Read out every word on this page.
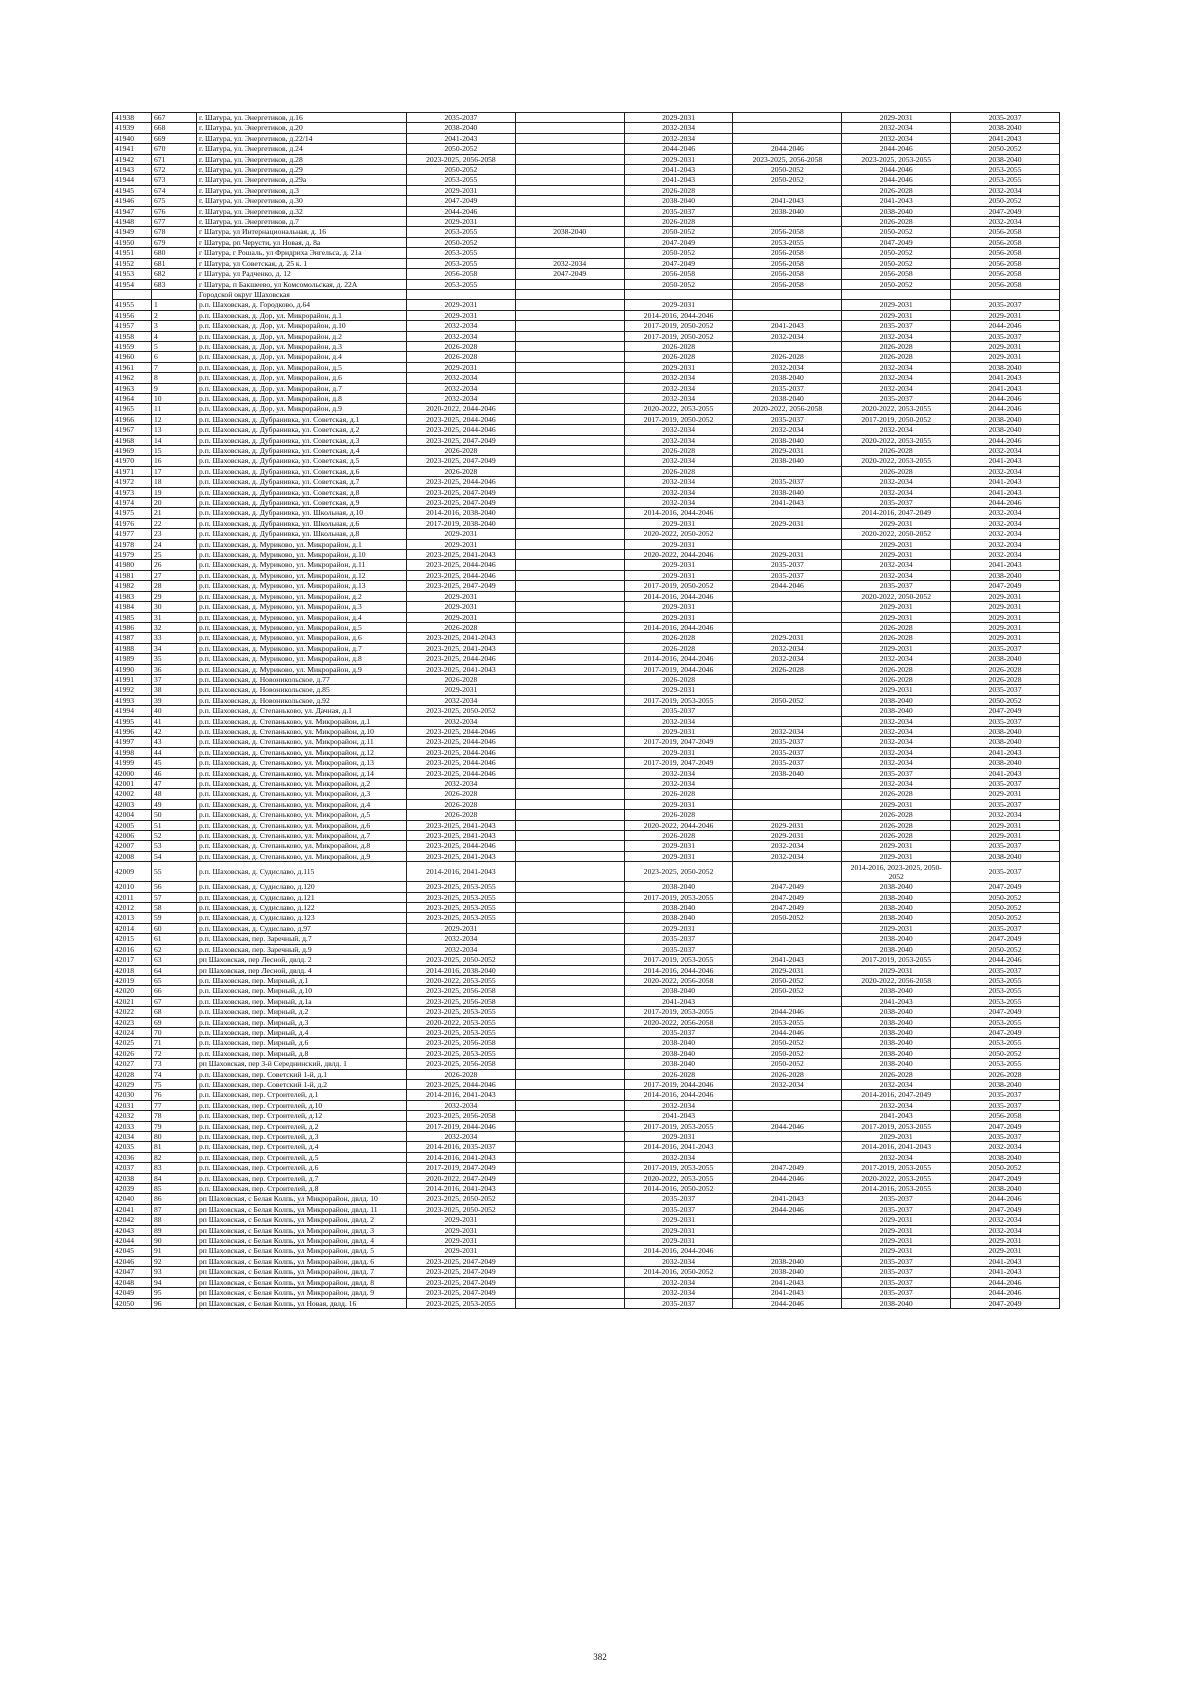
41938	667	г. Шатура, ул. Энергетиков, д.16	2035-2037		2029-2031		2029-2031	2035-2037
41939	668	г. Шатура, ул. Энергетиков, д.20	2038-2040		2032-2034		2032-2034	2038-2040
41940	669	г. Шатура, ул. Энергетиков, д.22/14	2041-2043		2032-2034		2032-2034	2041-2043
41941	670	г. Шатура, ул. Энергетиков, д.24	2050-2052		2044-2046	2044-2046	2044-2046	2050-2052
41942	671	г. Шатура, ул. Энергетиков, д.28	2023-2025, 2056-2058		2029-2031	2023-2025, 2056-2058	2023-2025, 2053-2055	2038-2040
41943	672	г. Шатура, ул. Энергетиков, д.29	2050-2052		2041-2043	2050-2052	2044-2046	2053-2055
41944	673	г. Шатура, ул. Энергетиков, д.29а	2053-2055		2041-2043	2050-2052	2044-2046	2053-2055
41945	674	г. Шатура, ул. Энергетиков, д.3	2029-2031		2026-2028		2026-2028	2032-2034
41946	675	г. Шатура, ул. Энергетиков, д.30	2047-2049		2038-2040	2041-2043	2041-2043	2050-2052
41947	676	г. Шатура, ул. Энергетиков, д.32	2044-2046		2035-2037	2038-2040	2038-2040	2047-2049
41948	677	г. Шатура, ул. Энергетиков, д.7	2029-2031		2026-2028		2026-2028	2032-2034
41949	678	г Шатура, ул Интернациональная, д. 16	2053-2055	2038-2040	2050-2052	2056-2058	2050-2052	2056-2058
41950	679	г Шатура, рп Черусти, ул Новая, д. 8а	2050-2052		2047-2049	2053-2055	2047-2049	2056-2058
41951	680	г Шатура, г Рошаль, ул Фридриха Энгельса, д. 21а	2053-2055		2050-2052	2056-2058	2050-2052	2056-2058
41952	681	г Шатура, ул Советская, д. 25 к. 1	2053-2055	2032-2034	2047-2049	2056-2058	2050-2052	2056-2058
41953	682	г Шатура, ул Радченко, д. 12	2056-2058	2047-2049	2056-2058	2056-2058	2056-2058	2056-2058
41954	683	г Шатура, п Бакшеево, ул Комсомольская, д. 22А	2053-2055		2050-2052	2056-2058	2050-2052	2056-2058
		Городской округ Шаховская						
41955	1	р.п. Шаховская, д. Городково, д.64	2029-2031		2029-2031		2029-2031	2035-2037
41956	2	р.п. Шаховская, д. Дор, ул. Микрорайон, д.1	2029-2031		2014-2016, 2044-2046		2029-2031	2029-2031
41957	3	р.п. Шаховская, д. Дор, ул. Микрорайон, д.10	2032-2034		2017-2019, 2050-2052	2041-2043	2035-2037	2044-2046
41958	4	р.п. Шаховская, д. Дор, ул. Микрорайон, д.2	2032-2034		2017-2019, 2050-2052	2032-2034	2032-2034	2035-2037
41959	5	р.п. Шаховская, д. Дор, ул. Микрорайон, д.3	2026-2028		2026-2028		2026-2028	2029-2031
41960	6	р.п. Шаховская, д. Дор, ул. Микрорайон, д.4	2026-2028		2026-2028	2026-2028	2026-2028	2029-2031
41961	7	р.п. Шаховская, д. Дор, ул. Микрорайон, д.5	2029-2031		2029-2031	2032-2034	2032-2034	2038-2040
41962	8	р.п. Шаховская, д. Дор, ул. Микрорайон, д.6	2032-2034		2032-2034	2038-2040	2032-2034	2041-2043
41963	9	р.п. Шаховская, д. Дор, ул. Микрорайон, д.7	2032-2034		2032-2034	2035-2037	2032-2034	2041-2043
41964	10	р.п. Шаховская, д. Дор, ул. Микрорайон, д.8	2032-2034		2032-2034	2038-2040	2035-2037	2044-2046
41965	11	р.п. Шаховская, д. Дор, ул. Микрорайон, д.9	2020-2022, 2044-2046		2020-2022, 2053-2055	2020-2022, 2056-2058	2020-2022, 2053-2055	2044-2046
41966	12	р.п. Шаховская, д. Дубранивка, ул. Советская, д.1	2023-2025, 2044-2046		2017-2019, 2050-2052	2035-2037	2017-2019, 2050-2052	2038-2040
41967	13	р.п. Шаховская, д. Дубранивка, ул. Советская, д.2	2023-2025, 2044-2046		2032-2034	2032-2034	2032-2034	2038-2040
41968	14	р.п. Шаховская, д. Дубранивка, ул. Советская, д.3	2023-2025, 2047-2049		2032-2034	2038-2040	2020-2022, 2053-2055	2044-2046
41969	15	р.п. Шаховская, д. Дубранивка, ул. Советская, д.4	2026-2028		2026-2028	2029-2031	2026-2028	2032-2034
41970	16	р.п. Шаховская, д. Дубранивка, ул. Советская, д.5	2023-2025, 2047-2049		2032-2034	2038-2040	2020-2022, 2053-2055	2041-2043
41971	17	р.п. Шаховская, д. Дубранивка, ул. Советская, д.6	2026-2028		2026-2028		2026-2028	2032-2034
41972	18	р.п. Шаховская, д. Дубранивка, ул. Советская, д.7	2023-2025, 2044-2046		2032-2034	2035-2037	2032-2034	2041-2043
41973	19	р.п. Шаховская, д. Дубранивка, ул. Советская, д.8	2023-2025, 2047-2049		2032-2034	2038-2040	2032-2034	2041-2043
41974	20	р.п. Шаховская, д. Дубранивка, ул. Советская, д.9	2023-2025, 2047-2049		2032-2034	2041-2043	2035-2037	2044-2046
41975	21	р.п. Шаховская, д. Дубранивка, ул. Школьная, д.10	2014-2016, 2038-2040		2014-2016, 2044-2046		2014-2016, 2047-2049	2032-2034
41976	22	р.п. Шаховская, д. Дубранивка, ул. Школьная, д.6	2017-2019, 2038-2040		2029-2031	2029-2031	2029-2031	2032-2034
41977	23	р.п. Шаховская, д. Дубранивка, ул. Школьная, д.8	2029-2031		2020-2022, 2050-2052		2020-2022, 2050-2052	2032-2034
41978	24	р.п. Шаховская, д. Муриково, ул. Микрорайон, д.1	2029-2031		2029-2031		2029-2031	2032-2034
41979	25	р.п. Шаховская, д. Муриково, ул. Микрорайон, д.10	2023-2025, 2041-2043		2020-2022, 2044-2046	2029-2031	2029-2031	2032-2034
41980	26	р.п. Шаховская, д. Муриково, ул. Микрорайон, д.11	2023-2025, 2044-2046		2029-2031	2035-2037	2032-2034	2041-2043
41981	27	р.п. Шаховская, д. Муриково, ул. Микрорайон, д.12	2023-2025, 2044-2046		2029-2031	2035-2037	2032-2034	2038-2040
41982	28	р.п. Шаховская, д. Муриково, ул. Микрорайон, д.13	2023-2025, 2047-2049		2017-2019, 2050-2052	2044-2046	2035-2037	2047-2049
41983	29	р.п. Шаховская, д. Муриково, ул. Микрорайон, д.2	2029-2031		2014-2016, 2044-2046		2020-2022, 2050-2052	2029-2031
41984	30	р.п. Шаховская, д. Муриково, ул. Микрорайон, д.3	2029-2031		2029-2031		2029-2031	2029-2031
41985	31	р.п. Шаховская, д. Муриково, ул. Микрорайон, д.4	2029-2031		2029-2031		2029-2031	2029-2031
41986	32	р.п. Шаховская, д. Муриково, ул. Микрорайон, д.5	2026-2028		2014-2016, 2044-2046		2026-2028	2029-2031
41987	33	р.п. Шаховская, д. Муриково, ул. Микрорайон, д.6	2023-2025, 2041-2043		2026-2028	2029-2031	2026-2028	2029-2031
41988	34	р.п. Шаховская, д. Муриково, ул. Микрорайон, д.7	2023-2025, 2041-2043		2026-2028	2032-2034	2029-2031	2035-2037
41989	35	р.п. Шаховская, д. Муриково, ул. Микрорайон, д.8	2023-2025, 2044-2046		2014-2016, 2044-2046	2032-2034	2032-2034	2038-2040
41990	36	р.п. Шаховская, д. Муриково, ул. Микрорайон, д.9	2023-2025, 2041-2043		2017-2019, 2044-2046	2026-2028	2026-2028	2026-2028
41991	37	р.п. Шаховская, д. Новоникольское, д.77	2026-2028		2026-2028		2026-2028	2026-2028
41992	38	р.п. Шаховская, д. Новоникольское, д.85	2029-2031		2029-2031		2029-2031	2035-2037
41993	39	р.п. Шаховская, д. Новоникольское, д.92	2032-2034		2017-2019, 2053-2055	2050-2052	2038-2040	2050-2052
41994	40	р.п. Шаховская, д. Степаньково, ул. Дачная, д.1	2023-2025, 2050-2052		2035-2037		2038-2040	2047-2049
41995	41	р.п. Шаховская, д. Степаньково, ул. Микрорайон, д.1	2032-2034		2032-2034		2032-2034	2035-2037
41996	42	р.п. Шаховская, д. Степаньково, ул. Микрорайон, д.10	2023-2025, 2044-2046		2029-2031	2032-2034	2032-2034	2038-2040
41997	43	р.п. Шаховская, д. Степаньково, ул. Микрорайон, д.11	2023-2025, 2044-2046		2017-2019, 2047-2049	2035-2037	2032-2034	2038-2040
41998	44	р.п. Шаховская, д. Степаньково, ул. Микрорайон, д.12	2023-2025, 2044-2046		2029-2031	2035-2037	2032-2034	2041-2043
41999	45	р.п. Шаховская, д. Степаньково, ул. Микрорайон, д.13	2023-2025, 2044-2046		2017-2019, 2047-2049	2035-2037	2032-2034	2038-2040
42000	46	р.п. Шаховская, д. Степаньково, ул. Микрорайон, д.14	2023-2025, 2044-2046		2032-2034	2038-2040	2035-2037	2041-2043
42001	47	р.п. Шаховская, д. Степаньково, ул. Микрорайон, д.2	2032-2034		2032-2034		2032-2034	2035-2037
42002	48	р.п. Шаховская, д. Степаньково, ул. Микрорайон, д.3	2026-2028		2026-2028		2026-2028	2029-2031
42003	49	р.п. Шаховская, д. Степаньково, ул. Микрорайон, д.4	2026-2028		2029-2031		2029-2031	2035-2037
42004	50	р.п. Шаховская, д. Степаньково, ул. Микрорайон, д.5	2026-2028		2026-2028		2026-2028	2032-2034
42005	51	р.п. Шаховская, д. Степаньково, ул. Микрорайон, д.6	2023-2025, 2041-2043		2020-2022, 2044-2046	2029-2031	2026-2028	2029-2031
42006	52	р.п. Шаховская, д. Степаньково, ул. Микрорайон, д.7	2023-2025, 2041-2043		2026-2028	2029-2031	2026-2028	2029-2031
42007	53	р.п. Шаховская, д. Степаньково, ул. Микрорайон, д.8	2023-2025, 2044-2046		2029-2031	2032-2034	2029-2031	2035-2037
42008	54	р.п. Шаховская, д. Степаньково, ул. Микрорайон, д.9	2023-2025, 2041-2043		2029-2031	2032-2034	2029-2031	2038-2040
42009	55	р.п. Шаховская, д. Судиславо, д.115	2014-2016, 2041-2043		2023-2025, 2050-2052		2014-2016, 2023-2025, 2050-2052	2035-2037
42010	56	р.п. Шаховская, д. Судиславо, д.120	2023-2025, 2053-2055		2038-2040	2047-2049	2038-2040	2047-2049
42011	57	р.п. Шаховская, д. Судиславо, д.121	2023-2025, 2053-2055		2017-2019, 2053-2055	2047-2049	2038-2040	2050-2052
42012	58	р.п. Шаховская, д. Судиславо, д.122	2023-2025, 2053-2055		2038-2040	2047-2049	2038-2040	2050-2052
42013	59	р.п. Шаховская, д. Судиславо, д.123	2023-2025, 2053-2055		2038-2040	2050-2052	2038-2040	2050-2052
42014	60	р.п. Шаховская, д. Судиславо, д.97	2029-2031		2029-2031		2029-2031	2035-2037
42015	61	р.п. Шаховская, пер. Заречный, д.7	2032-2034		2035-2037		2038-2040	2047-2049
42016	62	р.п. Шаховская, пер. Заречный, д.9	2032-2034		2035-2037		2038-2040	2050-2052
42017	63	рп Шаховская, пер Лесной, двлд. 2	2023-2025, 2050-2052		2017-2019, 2053-2055	2041-2043	2017-2019, 2053-2055	2044-2046
42018	64	рп Шаховская, пер Лесной, двлд. 4	2014-2016, 2038-2040		2014-2016, 2044-2046	2029-2031	2029-2031	2035-2037
42019	65	р.п. Шаховская, пер. Мирный, д.1	2020-2022, 2053-2055		2020-2022, 2056-2058	2050-2052	2020-2022, 2056-2058	2053-2055
42020	66	р.п. Шаховская, пер. Мирный, д.10	2023-2025, 2056-2058		2038-2040	2050-2052	2038-2040	2053-2055
42021	67	р.п. Шаховская, пер. Мирный, д.1а	2023-2025, 2056-2058		2041-2043		2041-2043	2053-2055
42022	68	р.п. Шаховская, пер. Мирный, д.2	2023-2025, 2053-2055		2017-2019, 2053-2055	2044-2046	2038-2040	2047-2049
42023	69	р.п. Шаховская, пер. Мирный, д.3	2020-2022, 2053-2055		2020-2022, 2056-2058	2053-2055	2038-2040	2053-2055
42024	70	р.п. Шаховская, пер. Мирный, д.4	2023-2025, 2053-2055		2035-2037	2044-2046	2038-2040	2047-2049
42025	71	р.п. Шаховская, пер. Мирный, д.6	2023-2025, 2056-2058		2038-2040	2050-2052	2038-2040	2053-2055
42026	72	р.п. Шаховская, пер. Мирный, д.8	2023-2025, 2053-2055		2038-2040	2050-2052	2038-2040	2050-2052
42027	73	рп Шаховская, пер 3-й Середнинский, двлд. 1	2023-2025, 2056-2058		2038-2040	2050-2052	2038-2040	2053-2055
42028	74	р.п. Шаховская, пер. Советский 1-й, д.1	2026-2028		2026-2028	2026-2028	2026-2028	2026-2028
42029	75	р.п. Шаховская, пер. Советский 1-й, д.2	2023-2025, 2044-2046		2017-2019, 2044-2046	2032-2034	2032-2034	2038-2040
42030	76	р.п. Шаховская, пер. Строителей, д.1	2014-2016, 2041-2043		2014-2016, 2044-2046		2014-2016, 2047-2049	2035-2037
42031	77	р.п. Шаховская, пер. Строителей, д.10	2032-2034		2032-2034		2032-2034	2035-2037
42032	78	р.п. Шаховская, пер. Строителей, д.12	2023-2025, 2056-2058		2041-2043		2041-2043	2056-2058
42033	79	р.п. Шаховская, пер. Строителей, д.2	2017-2019, 2044-2046		2017-2019, 2053-2055	2044-2046	2017-2019, 2053-2055	2047-2049
42034	80	р.п. Шаховская, пер. Строителей, д.3	2032-2034		2029-2031		2029-2031	2035-2037
42035	81	р.п. Шаховская, пер. Строителей, д.4	2014-2016, 2035-2037		2014-2016, 2041-2043		2014-2016, 2041-2043	2032-2034
42036	82	р.п. Шаховская, пер. Строителей, д.5	2014-2016, 2041-2043		2032-2034		2032-2034	2038-2040
42037	83	р.п. Шаховская, пер. Строителей, д.6	2017-2019, 2047-2049		2017-2019, 2053-2055	2047-2049	2017-2019, 2053-2055	2050-2052
42038	84	р.п. Шаховская, пер. Строителей, д.7	2020-2022, 2047-2049		2020-2022, 2053-2055	2044-2046	2020-2022, 2053-2055	2047-2049
42039	85	р.п. Шаховская, пер. Строителей, д.8	2014-2016, 2041-2043		2014-2016, 2050-2052		2014-2016, 2053-2055	2038-2040
42040	86	рп Шаховская, с Белая Колпь, ул Микрорайон, двлд. 10	2023-2025, 2050-2052		2035-2037	2041-2043	2035-2037	2044-2046
42041	87	рп Шаховская, с Белая Колпь, ул Микрорайон, двлд. 11	2023-2025, 2050-2052		2035-2037	2044-2046	2035-2037	2047-2049
42042	88	рп Шаховская, с Белая Колпь, ул Микрорайон, двлд. 2	2029-2031		2029-2031		2029-2031	2032-2034
42043	89	рп Шаховская, с Белая Колпь, ул Микрорайон, двлд. 3	2029-2031		2029-2031		2029-2031	2032-2034
42044	90	рп Шаховская, с Белая Колпь, ул Микрорайон, двлд. 4	2029-2031		2029-2031		2029-2031	2029-2031
42045	91	рп Шаховская, с Белая Колпь, ул Микрорайон, двлд. 5	2029-2031		2014-2016, 2044-2046		2029-2031	2029-2031
42046	92	рп Шаховская, с Белая Колпь, ул Микрорайон, двлд. 6	2023-2025, 2047-2049		2032-2034	2038-2040	2035-2037	2041-2043
42047	93	рп Шаховская, с Белая Колпь, ул Микрорайон, двлд. 7	2023-2025, 2047-2049		2014-2016, 2050-2052	2038-2040	2035-2037	2041-2043
42048	94	рп Шаховская, с Белая Колпь, ул Микрорайон, двлд. 8	2023-2025, 2047-2049		2032-2034	2041-2043	2035-2037	2044-2046
42049	95	рп Шаховская, с Белая Колпь, ул Микрорайон, двлд. 9	2023-2025, 2047-2049		2032-2034	2041-2043	2035-2037	2044-2046
42050	96	рп Шаховская, с Белая Колпь, ул Новая, двлд. 16	2023-2025, 2053-2055		2035-2037	2044-2046	2038-2040	2047-2049
382
